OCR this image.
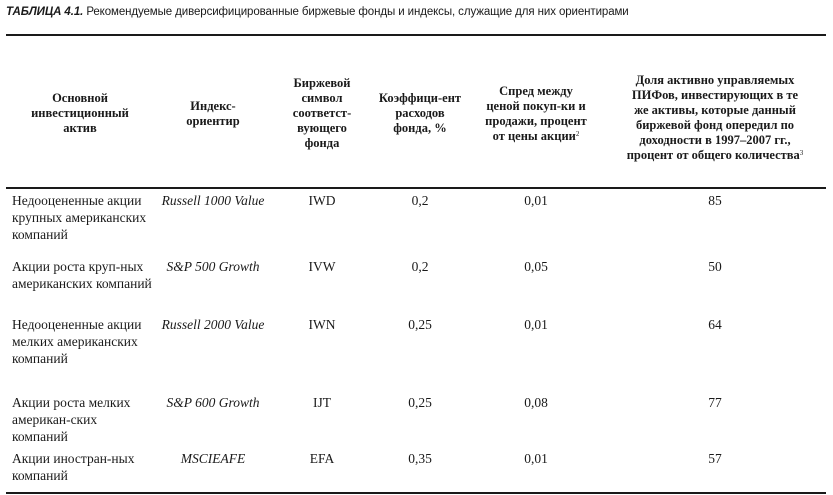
ТАБЛИЦА 4.1. Рекомендуемые диверсифицированные биржевые фонды и индексы, служащие для них ориентирами
Основной инвестиционный актив	Индекс-ориентир	Биржевой символ соответст-вующего фонда	Коэффици-ент расходов фонда, %	Спред между ценой покуп-ки и продажи, процент от цены акции$^2$	Доля активно управляемых ПИФов, инвестирующих в те же активы, которые данный биржевой фонд опередил по доходности в 1997–2007 гг., процент от общего количества$^3$

Недооцененные акции крупных американских компаний	Russell 1000 Value	IWD	0,2	0,01	85
Акции роста круп-ных американских компаний	S&P 500 Growth	IVW	0,2	0,05	50
Недооцененные акции мелких американских компаний	Russell 2000 Value	IWN	0,25	0,01	64
Акции роста мелких американ-ских компаний	S&P 600 Growth	IJT	0,25	0,08	77
Акции иностран-ных компаний	MSCIEAFE	EFA	0,35	0,01	57
